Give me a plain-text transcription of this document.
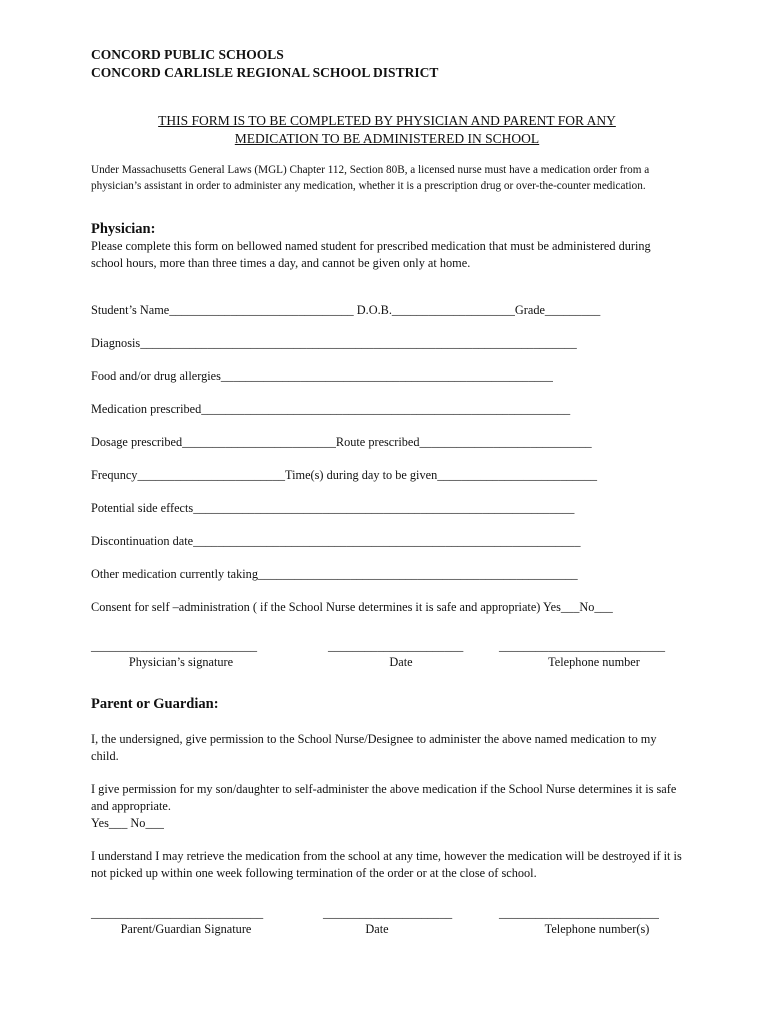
CONCORD PUBLIC SCHOOLS
CONCORD CARLISLE REGIONAL SCHOOL DISTRICT
THIS FORM IS TO BE COMPLETED BY PHYSICIAN AND PARENT FOR ANY
MEDICATION TO BE ADMINISTERED IN SCHOOL
Under Massachusetts General Laws (MGL) Chapter 112, Section 80B, a licensed nurse must have a medication order from a physician’s assistant in order to administer any medication, whether it is a prescription drug or over-the-counter medication.
Physician:
Please complete this form on bellowed named student for prescribed medication that must be administered during school hours, more than three times a day, and cannot be given only at home.
Student’s Name______________________________ D.O.B.____________________Grade_________
Diagnosis_______________________________________________________________________
Food and/or drug allergies______________________________________________________
Medication prescribed____________________________________________________________
Dosage prescribed_________________________Route prescribed____________________________
Frequncy________________________Time(s) during day to be given__________________________
Potential side effects______________________________________________________________
Discontinuation date_______________________________________________________________
Other medication currently taking____________________________________________________
Consent for self –administration ( if the School Nurse determines it is safe and appropriate) Yes___No___
___________________________	______________________	___________________________
Physician’s signature	Date	Telephone number
Parent or Guardian:
I, the undersigned, give permission to the School Nurse/Designee to administer the above named medication to my child.
I give permission for my son/daughter to self-administer the above medication if the School Nurse determines it is safe and appropriate.
Yes___ No___
I understand I may retrieve the medication from the school at any time, however the medication will be destroyed if it is not picked up within one week following termination of the order or at the close of school.
____________________________	_____________________	__________________________
Parent/Guardian Signature	Date	Telephone number(s)
